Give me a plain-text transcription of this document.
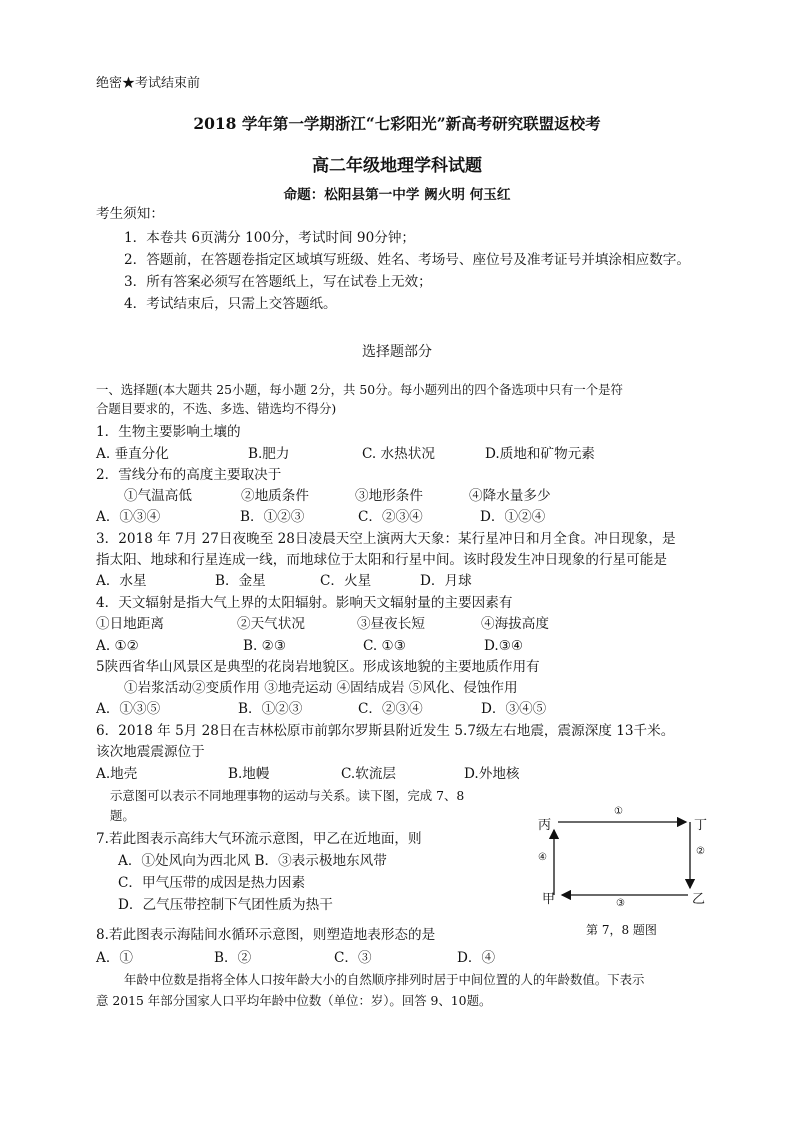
绝密★考试结束前
2018 学年第一学期浙江“七彩阳光”新高考研究联盟返校考
高二年级地理学科试题
命题：松阳县第一中学 阙火明 何玉红
考生须知：
1．本卷共 6页满分 100分，考试时间 90分钟；
2．答题前，在答题卷指定区域填写班级、姓名、考场号、座位号及准考证号并填涂相应数字。
3．所有答案必须写在答题纸上，写在试卷上无效；
4．考试结束后，只需上交答题纸。
选择题部分
一、选择题(本大题共 25小题，每小题 2分，共 50分。每小题列出的四个备选项中只有一个是符
合题目要求的，不选、多选、错选均不得分)
1．生物主要影响土壤的
A. 垂直分化	B.肥力	C. 水热状况	D.质地和矿物元素
2．雪线分布的高度主要取决于
①气温高低	②地质条件	③地形条件	④降水量多少
A．①③④	B．①②③	C．②③④	D．①②④
3．2018 年 7月 27日夜晚至 28日凌晨天空上演两大天象：某行星冲日和月全食。冲日现象，是
指太阳、地球和行星连成一线，而地球位于太阳和行星中间。该时段发生冲日现象的行星可能是
A．水星	B．金星	C．火星	D．月球
4．天文辐射是指大气上界的太阳辐射。影响天文辐射量的主要因素有
①日地距离	②天气状况	③昼夜长短	④海拔高度
A. ①②	B. ②③	C. ①③	D.③④
5陕西省华山风景区是典型的花岗岩地貌区。形成该地貌的主要地质作用有
①岩浆活动②变质作用 ③地壳运动 ④固结成岩 ⑤风化、侵蚀作用
A．①③⑤	B．①②③	C．②③④	D．③④⑤
6．2018 年 5月 28日在吉林松原市前郭尔罗斯县附近发生 5.7级左右地震，震源深度 13千米。
该次地震震源位于
A.地壳	B.地幔	C.软流层	D.外地核
示意图可以表示不同地理事物的运动与关系。读下图，完成 7、8
题。
7.若此图表示高纬大气环流示意图，甲乙在近地面，则
A．①处风向为西北风 B．③表示极地东风带
C．甲气压带的成因是热力因素
D．乙气压带控制下气团性质为热干
8.若此图表示海陆间水循环示意图，则塑造地表形态的是
A．①	B．②	C．③	D．④
年龄中位数是指将全体人口按年龄大小的自然顺序排列时居于中间位置的人的年龄数值。下表示
意 2015 年部分国家人口平均年龄中位数（单位：岁）。回答 9、10题。
丙	丁
甲	乙
①
②
③
④
第 7，8 题图
